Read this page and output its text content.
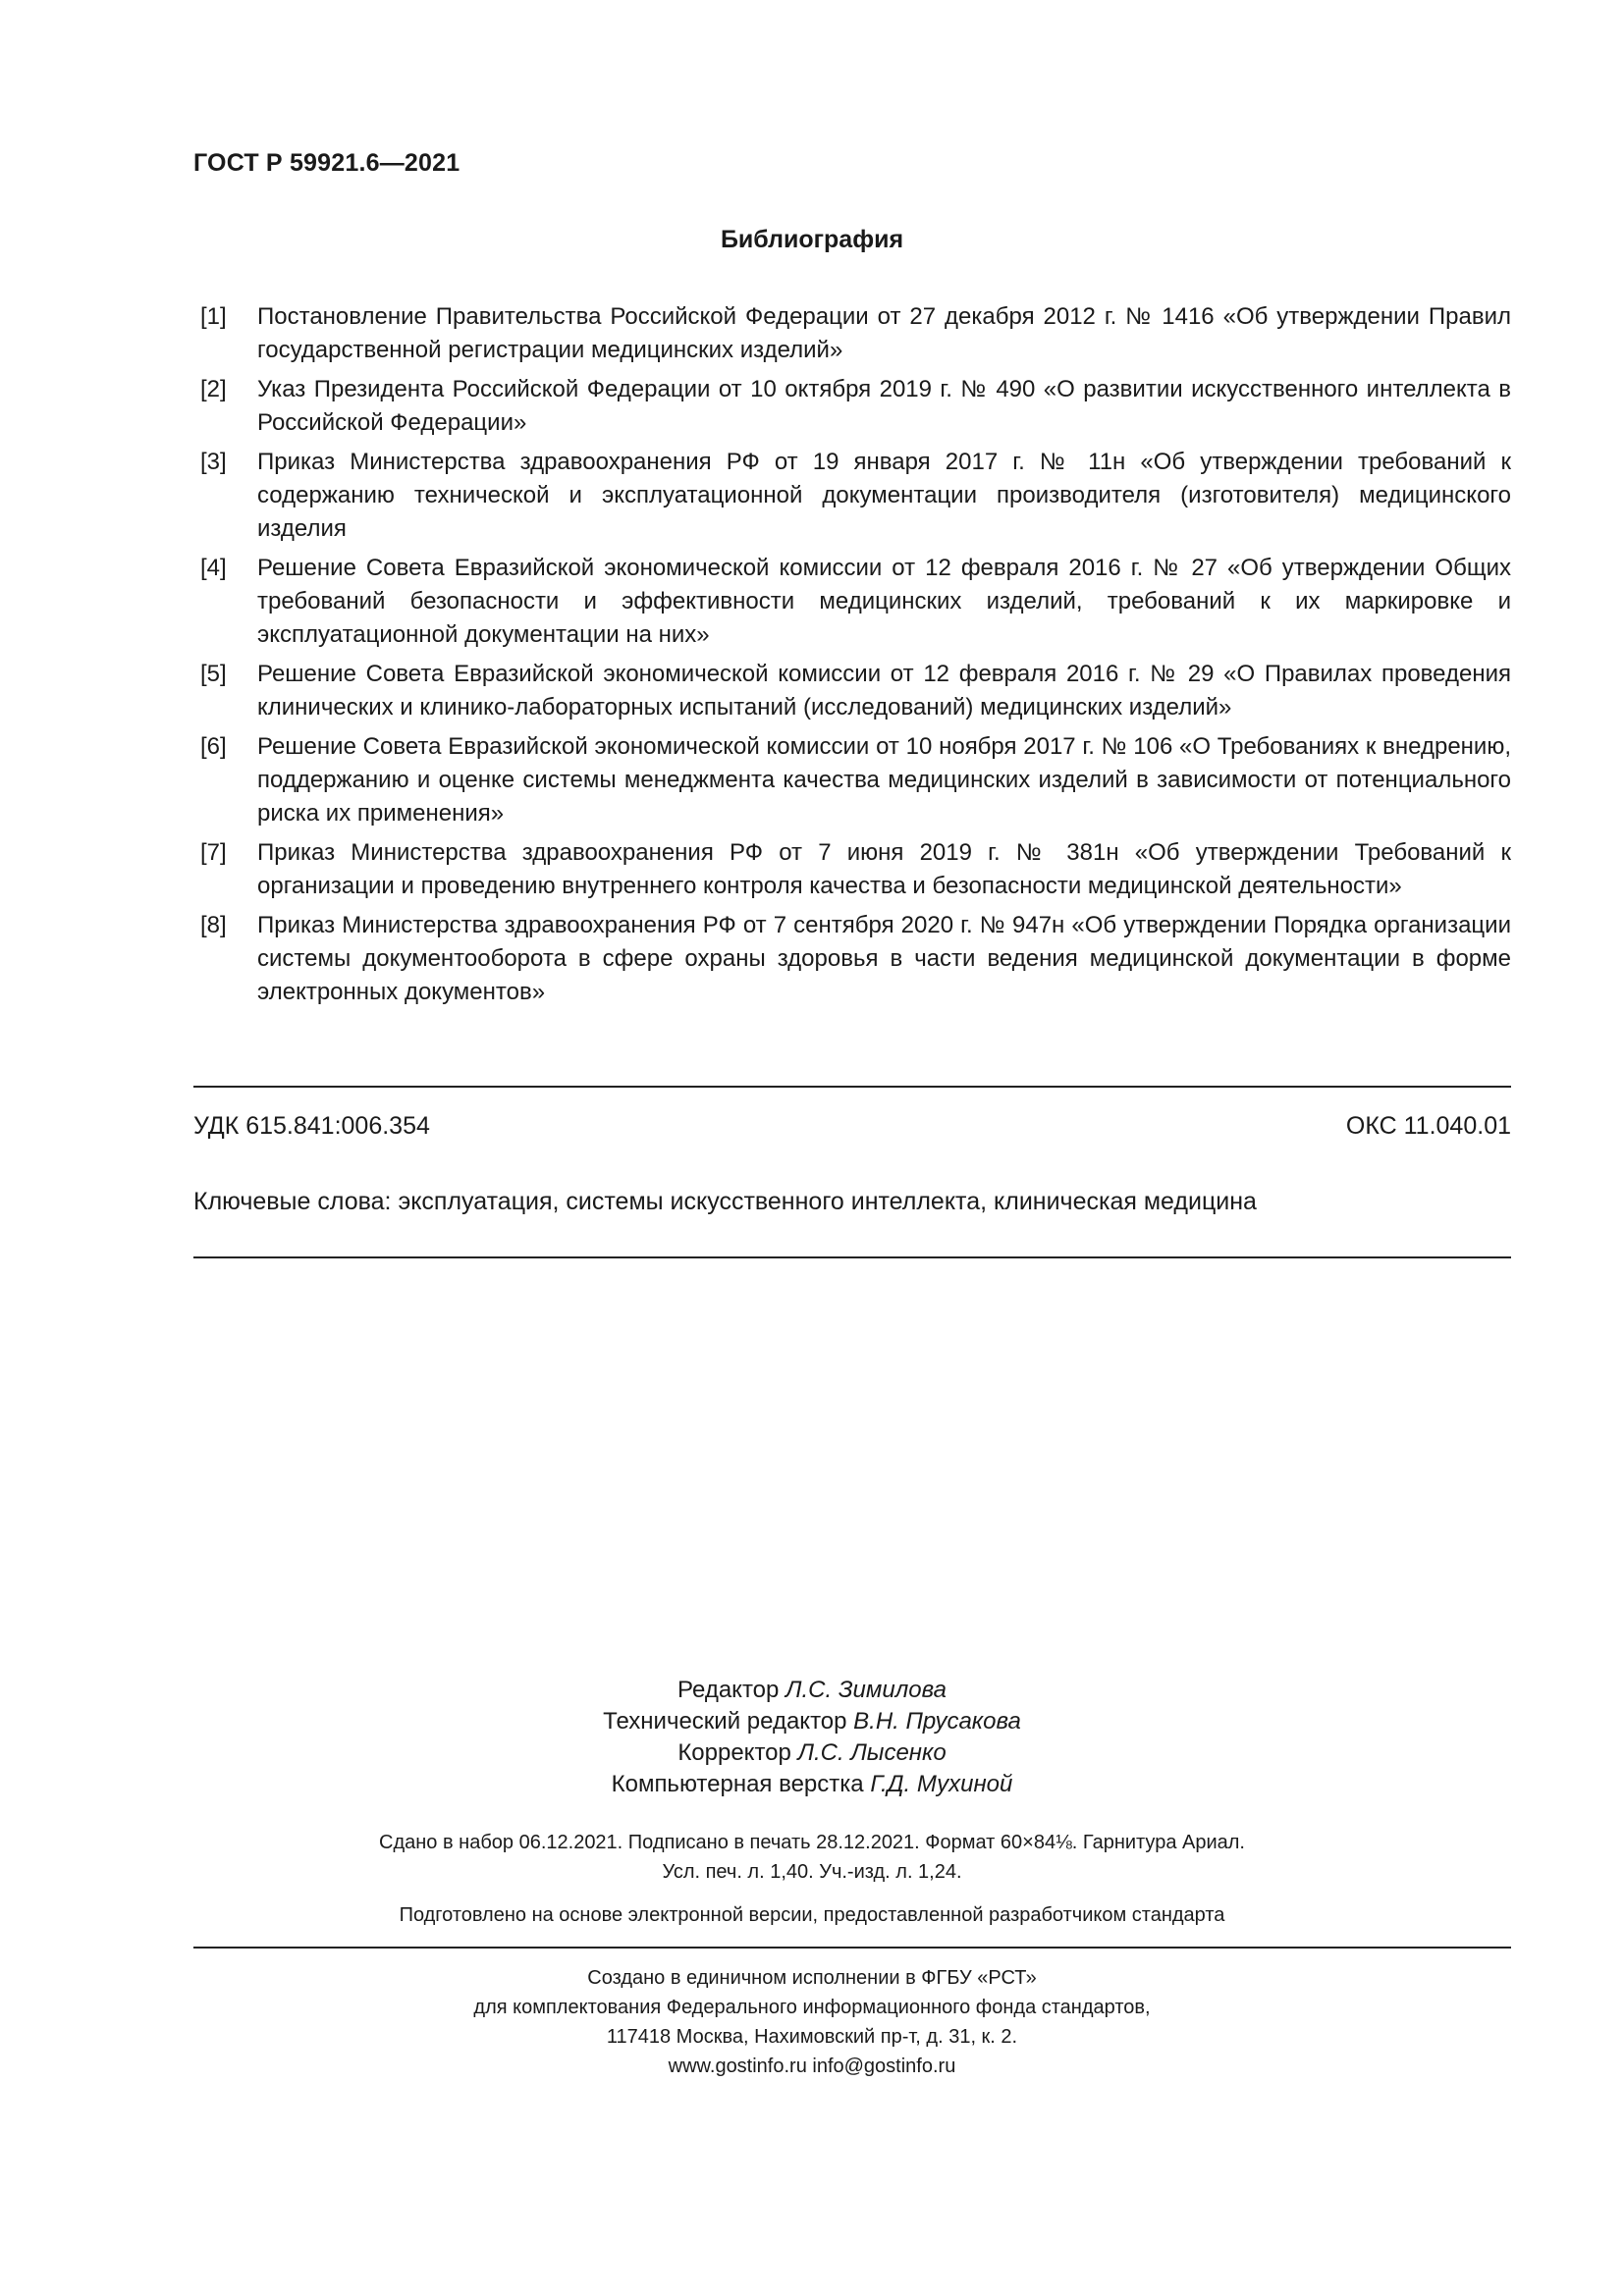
ГОСТ Р 59921.6—2021
Библиография
[1]	Постановление Правительства Российской Федерации от 27 декабря 2012 г. № 1416 «Об утверждении Правил государственной регистрации медицинских изделий»
[2]	Указ Президента Российской Федерации от 10 октября 2019 г. № 490 «О развитии искусственного интеллекта в Российской Федерации»
[3]	Приказ Министерства здравоохранения РФ от 19 января 2017 г. № 11н «Об утверждении требований к содержанию технической и эксплуатационной документации производителя (изготовителя) медицинского изделия
[4]	Решение Совета Евразийской экономической комиссии от 12 февраля 2016 г. № 27 «Об утверждении Общих требований безопасности и эффективности медицинских изделий, требований к их маркировке и эксплуатационной документации на них»
[5]	Решение Совета Евразийской экономической комиссии от 12 февраля 2016 г. № 29 «О Правилах проведения клинических и клинико-лабораторных испытаний (исследований) медицинских изделий»
[6]	Решение Совета Евразийской экономической комиссии от 10 ноября 2017 г. № 106 «О Требованиях к внедрению, поддержанию и оценке системы менеджмента качества медицинских изделий в зависимости от потенциального риска их применения»
[7]	Приказ Министерства здравоохранения РФ от 7 июня 2019 г. № 381н «Об утверждении Требований к организации и проведению внутреннего контроля качества и безопасности медицинской деятельности»
[8]	Приказ Министерства здравоохранения РФ от 7 сентября 2020 г. № 947н «Об утверждении Порядка организации системы документооборота в сфере охраны здоровья в части ведения медицинской документации в форме электронных документов»
УДК 615.841:006.354	ОКС 11.040.01
Ключевые слова: эксплуатация, системы искусственного интеллекта, клиническая медицина
Редактор Л.С. Зимилова
Технический редактор В.Н. Прусакова
Корректор Л.С. Лысенко
Компьютерная верстка Г.Д. Мухиной
Сдано в набор 06.12.2021. Подписано в печать 28.12.2021. Формат 60×84⅛. Гарнитура Ариал.
Усл. печ. л. 1,40. Уч.-изд. л. 1,24.
Подготовлено на основе электронной версии, предоставленной разработчиком стандарта
Создано в единичном исполнении в ФГБУ «РСТ»
для комплектования Федерального информационного фонда стандартов,
117418 Москва, Нахимовский пр-т, д. 31, к. 2.
www.gostinfo.ru info@gostinfo.ru
